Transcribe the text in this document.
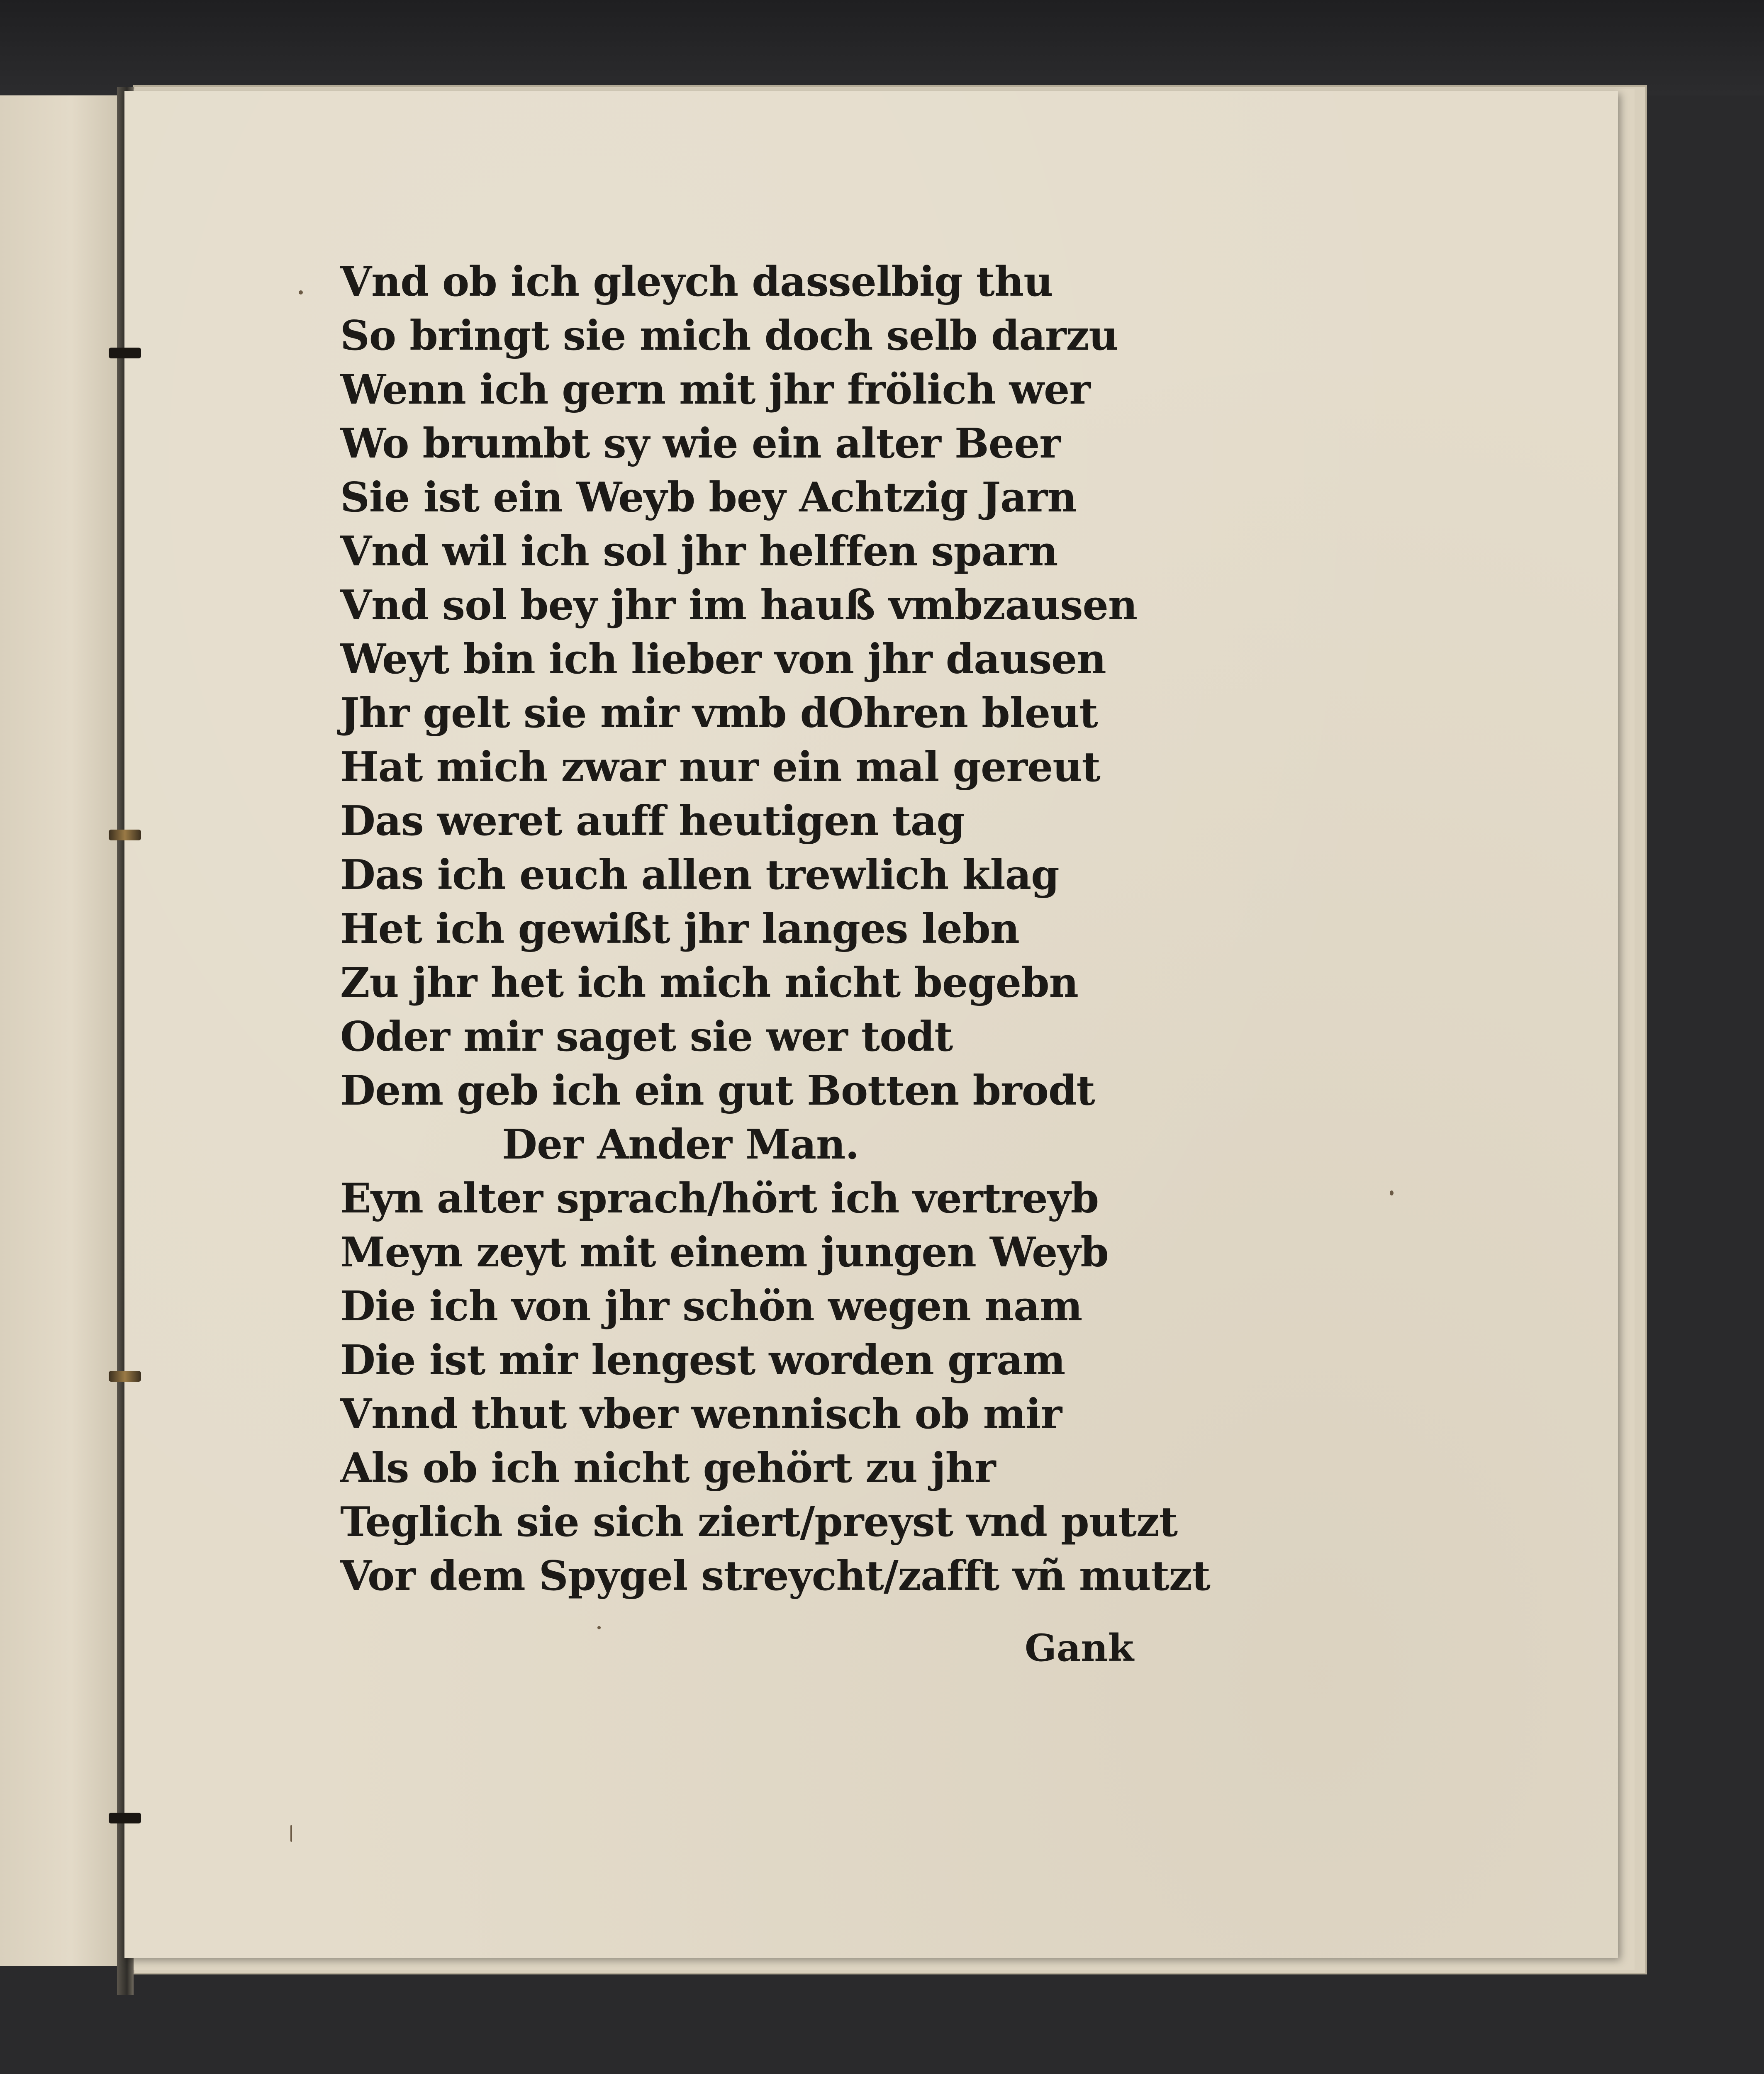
Vnd ob ich gleych dasselbig thu
So bringt sie mich doch selb darzu
Wenn ich gern mit jhr frölich wer
Wo brumbt sy wie ein alter Beer
Sie ist ein Weyb bey Achtzig Jarn
Vnd wil ich sol jhr helffen sparn
Vnd sol bey jhr im hauß vmbzausen
Weyt bin ich lieber von jhr dausen
Jhr gelt sie mir vmb dOhren bleut
Hat mich zwar nur ein mal gereut
Das weret auff heutigen tag
Das ich euch allen trewlich klag
Het ich gewißt jhr langes lebn
Zu jhr het ich mich nicht begebn
Oder mir saget sie wer todt
Dem geb ich ein gut Botten brodt
Der Ander Man.
Eyn alter sprach/hört ich vertreyb
Meyn zeyt mit einem jungen Weyb
Die ich von jhr schön wegen nam
Die ist mir lengest worden gram
Vnnd thut vber wennisch ob mir
Als ob ich nicht gehört zu jhr
Teglich sie sich ziert/preyst vnd putzt
Vor dem Spygel streycht/zafft vñ mutzt
Gank
